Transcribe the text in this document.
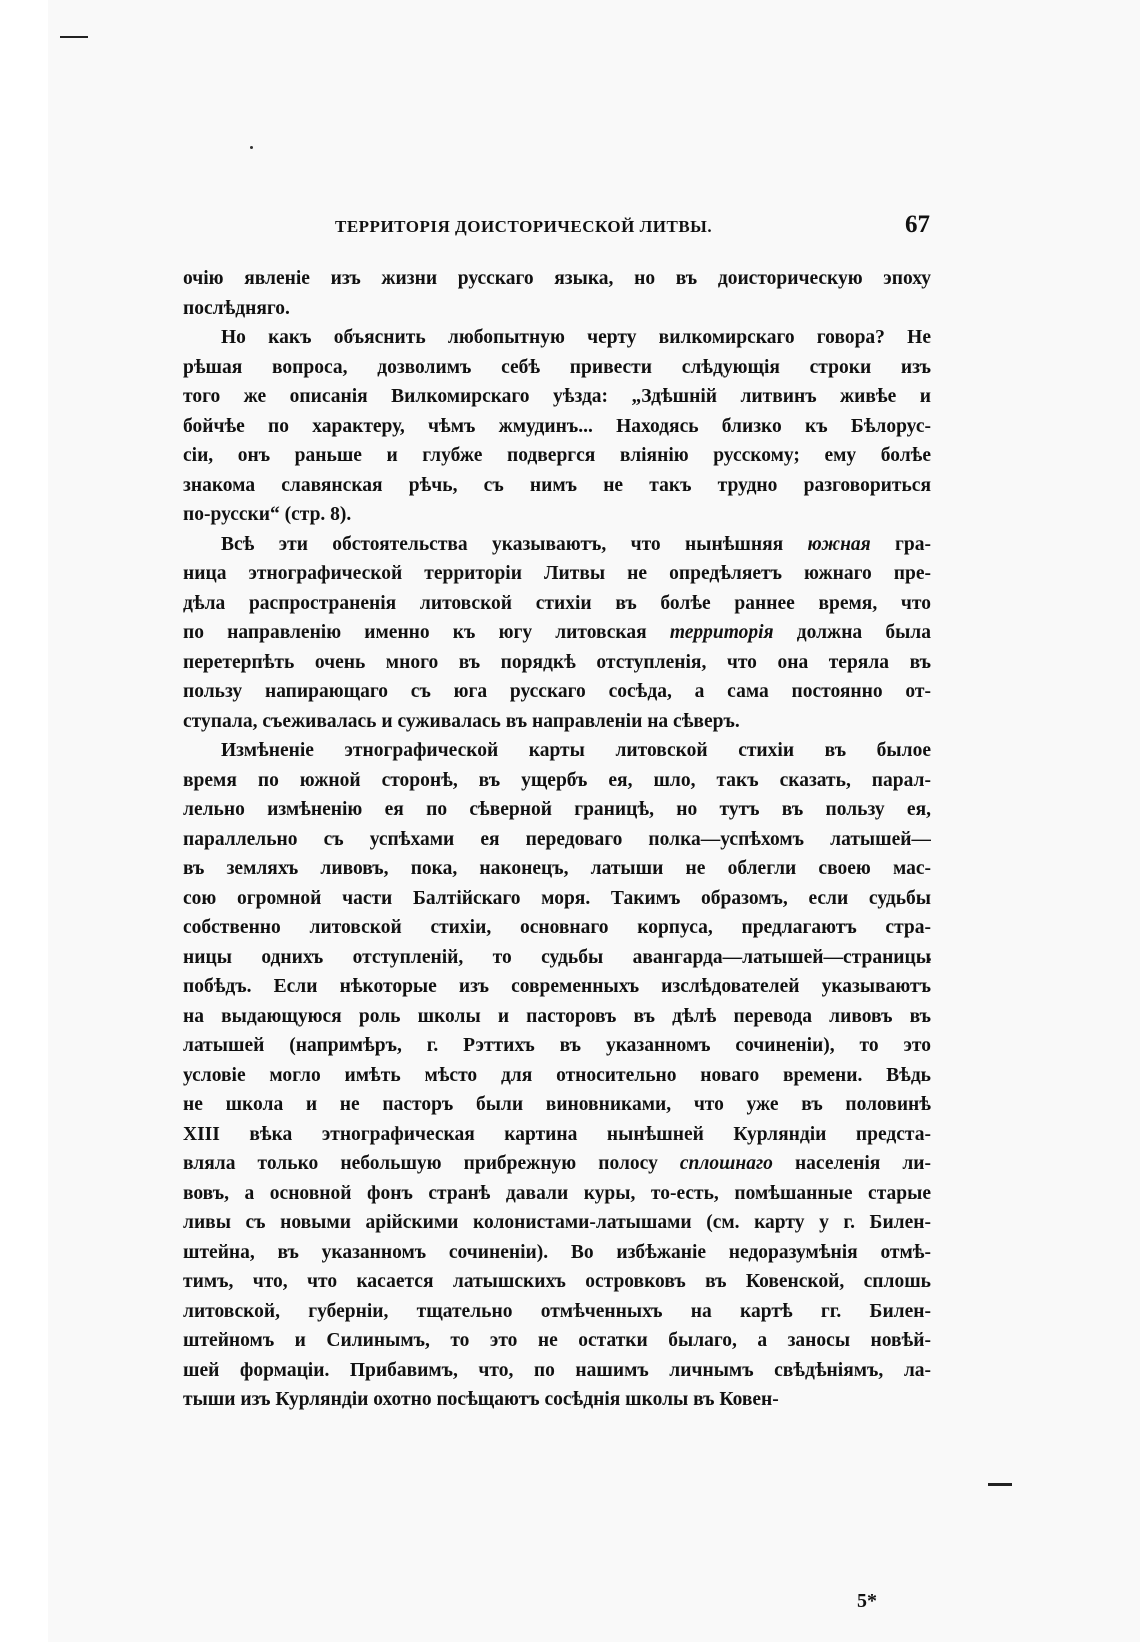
ТЕРРИТОРІЯ ДОИСТОРИЧЕСКОЙ ЛИТВЫ.	67
очію явленіе изъ жизни русскаго языка, но въ доисторическую эпоху
послѣдняго.
Но какъ объяснить любопытную черту вилкомирскаго говора? Не
рѣшая вопроса, дозволимъ себѣ привести слѣдующія строки изъ
того же описанія Вилкомирскаго уѣзда: „Здѣшній литвинъ живѣе и
бойчѣе по характеру, чѣмъ жмудинъ... Находясь близко къ Бѣлорус-
сіи, онъ раньше и глубже подвергся вліянію русскому; ему болѣе
знакома славянская рѣчь, съ нимъ не такъ трудно разговориться
по-русски“ (стр. 8).
Всѣ эти обстоятельства указываютъ, что нынѣшняя южная гра-
ница этнографической территоріи Литвы не опредѣляетъ южнаго пре-
дѣла распространенія литовской стихіи въ болѣе раннее время, что
по направленію именно къ югу литовская территорія должна была
перетерпѣть очень много въ порядкѣ отступленія, что она теряла въ
пользу напирающаго съ юга русскаго сосѣда, а сама постоянно от-
ступала, съеживалась и суживалась въ направленіи на сѣверъ.
Измѣненіе этнографической карты литовской стихіи въ былое
время по южной сторонѣ, въ ущербъ ея, шло, такъ сказать, парал-
лельно измѣненію ея по сѣверной границѣ, но тутъ въ пользу ея,
параллельно съ успѣхами ея передоваго полка—успѣхомъ латышей—
въ земляхъ ливовъ, пока, наконецъ, латыши не облегли своею мас-
сою огромной части Балтійскаго моря. Такимъ образомъ, если судьбы
собственно литовской стихіи, основнаго корпуса, предлагаютъ стра-
ницы однихъ отступленій, то судьбы авангарда—латышей—страницы
побѣдъ. Если нѣкоторые изъ современныхъ изслѣдователей указываютъ
на выдающуюся роль школы и пасторовъ въ дѣлѣ перевода ливовъ въ
латышей (напримѣръ, г. Рэттихъ въ указанномъ сочиненіи), то это
условіе могло имѣть мѣсто для относительно новаго времени. Вѣдь
не школа и не пасторъ были виновниками, что уже въ половинѣ
XIII вѣка этнографическая картина нынѣшней Курляндіи предста-
вляла только небольшую прибрежную полосу сплошнаго населенія ли-
вовъ, а основной фонъ странѣ давали куры, то-есть, помѣшанные старые
ливы съ новыми арійскими колонистами-латышами (см. карту у г. Билен-
штейна, въ указанномъ сочиненіи). Во избѣжаніе недоразумѣнія отмѣ-
тимъ, что, что касается латышскихъ островковъ въ Ковенской, сплошь
литовской, губерніи, тщательно отмѣченныхъ на картѣ гг. Билен-
штейномъ и Силинымъ, то это не остатки былаго, а заносы новѣй-
шей формаціи. Прибавимъ, что, по нашимъ личнымъ свѣдѣніямъ, ла-
тыши изъ Курляндіи охотно посѣщаютъ сосѣднія школы въ Ковен-
5*
